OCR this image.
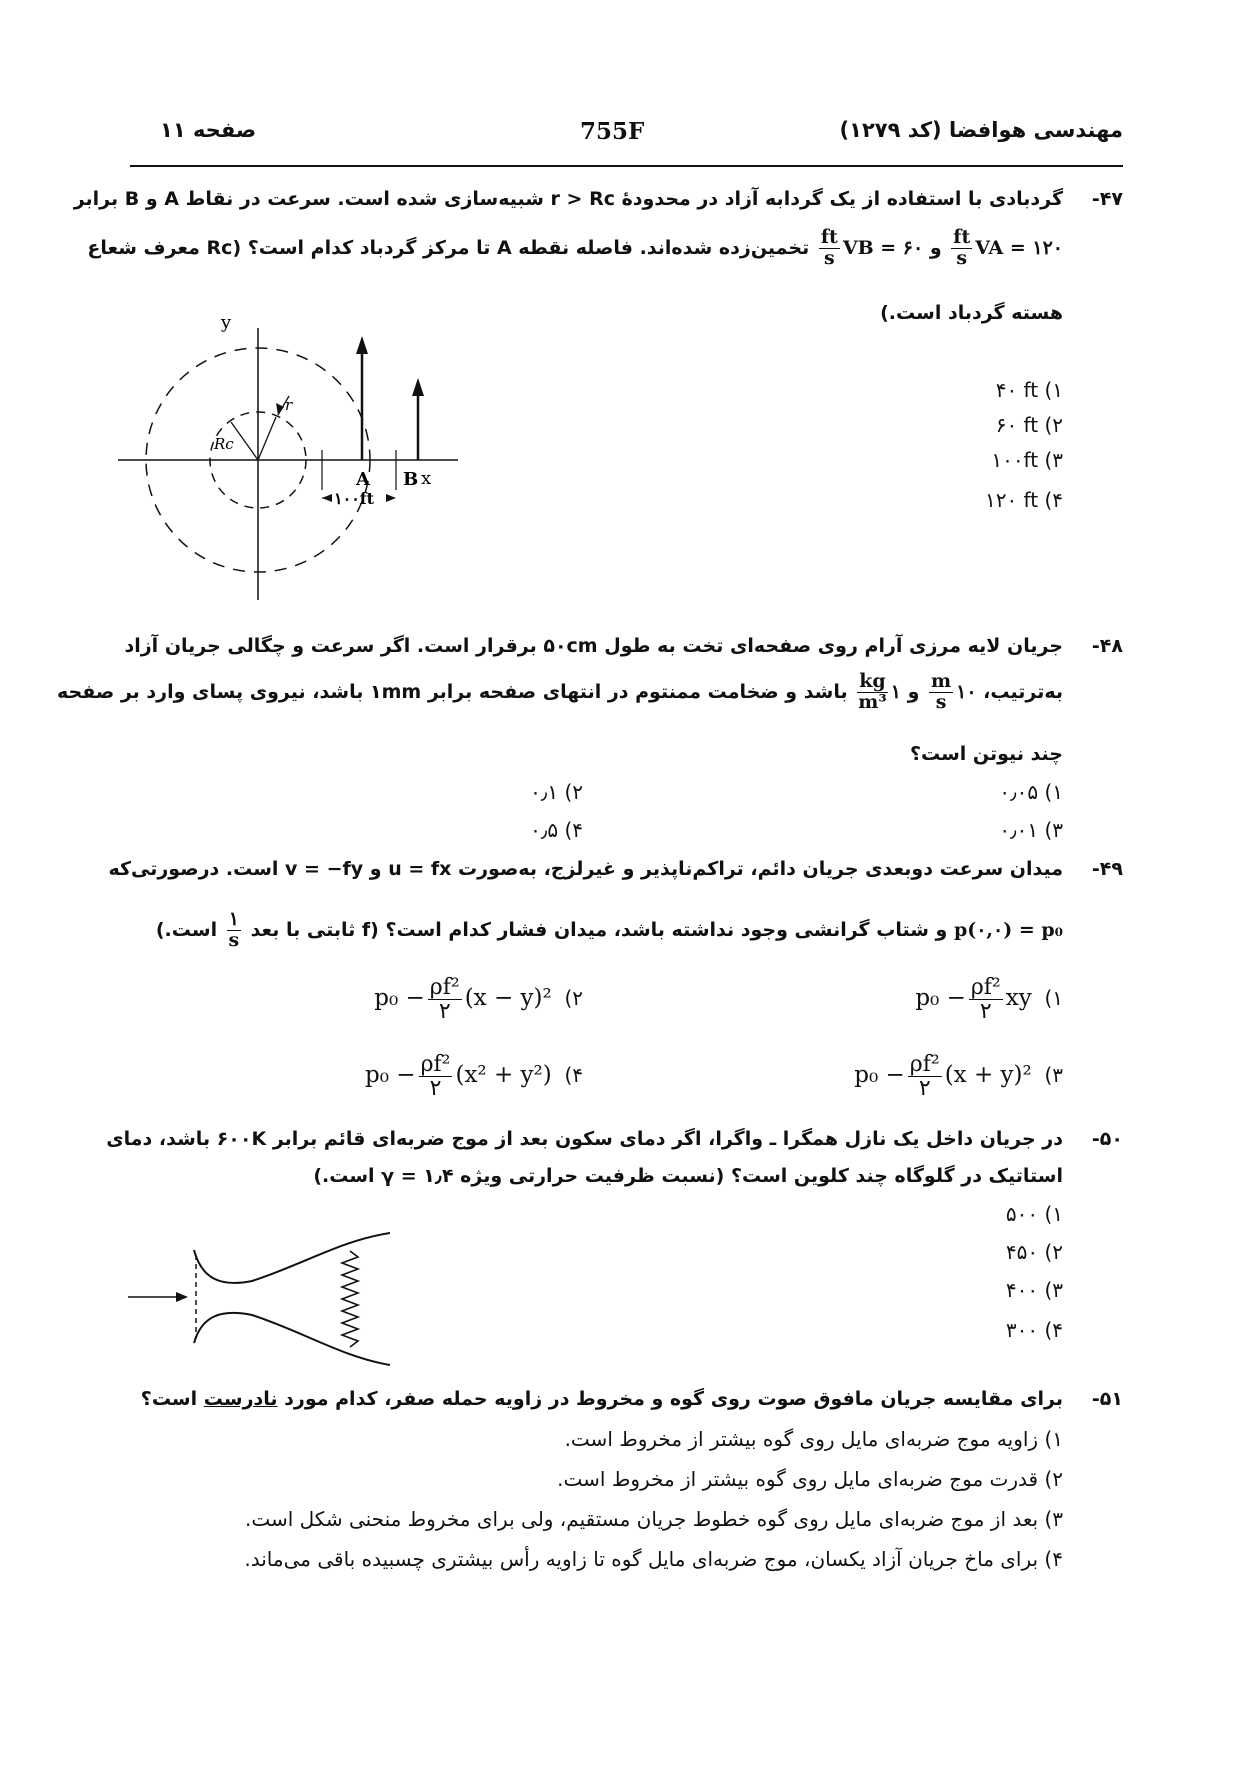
مهندسی هوافضا (کد ۱۲۷۹)
755F
صفحه ۱۱
-۴۷
گردبادی با استفاده از یک گردابه آزاد در محدودهٔ r > Rc شبیه‌سازی شده است. سرعت در نقاط A و B برابر
VA = ۱۲۰
$\frac{ft}{s}$
و VB = ۶۰
$\frac{ft}{s}$
تخمین‌زده شده‌اند. فاصله نقطه A تا مرکز گردباد کدام است؟ (Rc معرف شعاع
هسته گردباد است.)
y
x
Rc
r
A B
۱۰۰ft
۴۰ ft (۱
۶۰ ft (۲
۱۰۰ft (۳
۱۲۰ ft (۴
-۴۸
جریان لایه مرزی آرام روی صفحه‌ای تخت به طول ۵۰cm برقرار است. اگر سرعت و چگالی جریان آزاد
به‌ترتیب، ۱۰
$\frac{m}{s}$
و ۱
$\frac{kg}{\text{m³}}$
باشد و ضخامت ممنتوم در انتهای صفحه برابر ۱mm باشد، نیروی پسای وارد بر صفحه
چند نیوتن است؟
۰٫۰۵ (۱
۰٫۱ (۲
۰٫۰۱ (۳
۰٫۵ (۴
-۴۹
میدان سرعت دوبعدی جریان دائم، تراکم‌ناپذیر و غیرلزج، به‌صورت u = fx و v = −fy است. درصورتی‌که
p(۰,۰) = p₀ و شتاب گرانشی وجود نداشته باشد، میدان فشار کدام است؟ (f ثابتی با بعد
$\frac{۱}{s}$
است.)
$p_0 - \frac{\text{ρf²}}{۲}$ xy (۱
$p_0 - \frac{\text{ρf²}}{۲} (x - y)^2$ (۲
$p_0 - \frac{\text{ρf²}}{۲} (x + y)^2$ (۳
$p_0 - \frac{\text{ρf²}}{۲} (x^2 + y^2)$ (۴
-۵۰
در جریان داخل یک نازل همگرا ـ واگرا، اگر دمای سکون بعد از موج ضربه‌ای قائم برابر ۶۰۰K باشد، دمای
استاتیک در گلوگاه چند کلوین است؟ (نسبت ظرفیت حرارتی ویژه ۱٫۴ = γ است.)
۵۰۰ (۱
۴۵۰ (۲
۴۰۰ (۳
۳۰۰ (۴
-۵۱
برای مقایسه جریان مافوق صوت روی گوه و مخروط در زاویه حمله صفر، کدام مورد نادرست است؟
۱) زاویه موج ضربه‌ای مایل روی گوه بیشتر از مخروط است.
۲) قدرت موج ضربه‌ای مایل روی گوه بیشتر از مخروط است.
۳) بعد از موج ضربه‌ای مایل روی گوه خطوط جریان مستقیم، ولی برای مخروط منحنی شکل است.
۴) برای ماخ جریان آزاد یکسان، موج ضربه‌ای مایل گوه تا زاویه رأس بیشتری چسبیده باقی می‌ماند.
